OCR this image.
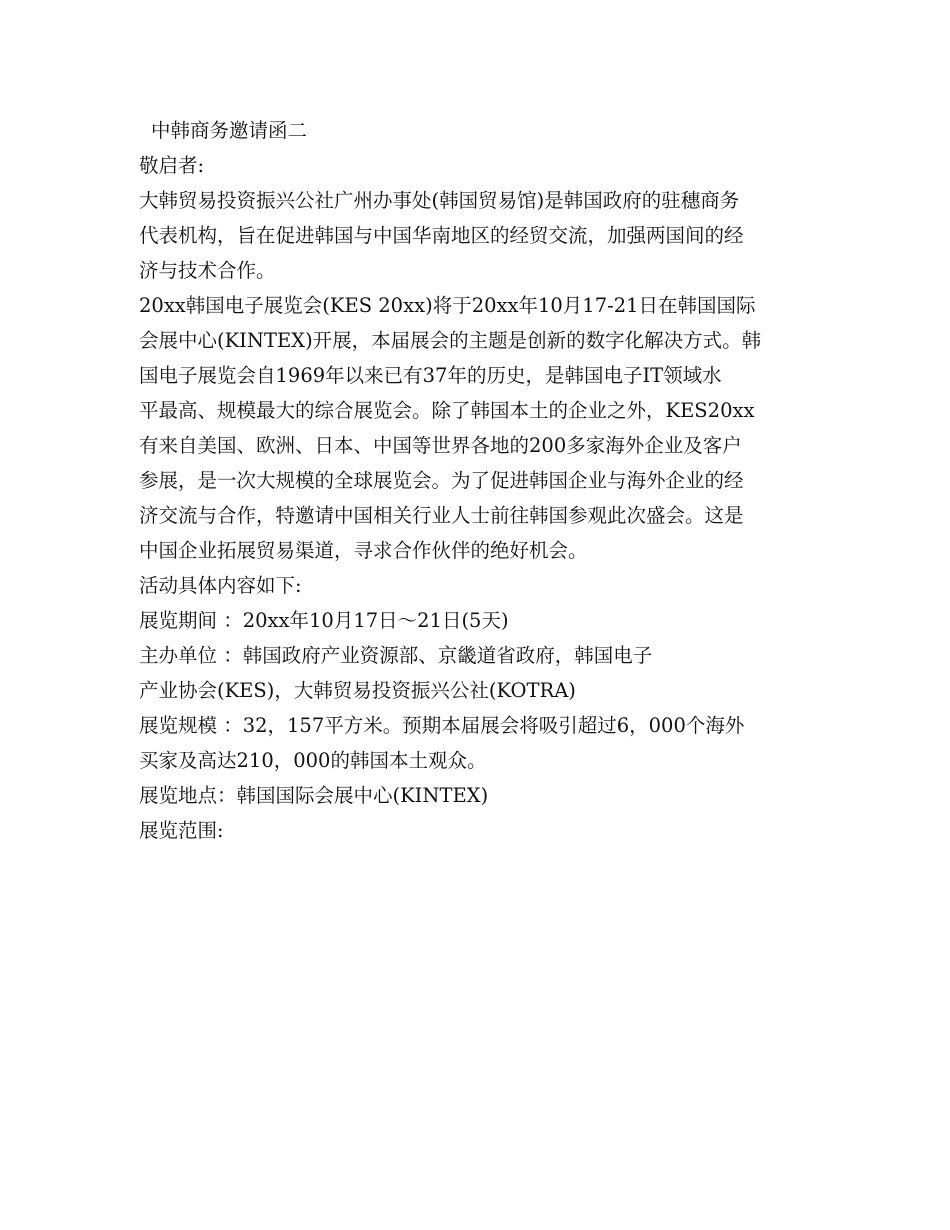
中韩商务邀请函二
敬启者:
大韩贸易投资振兴公社广州办事处(韩国贸易馆)是韩国政府的驻穗商务
代表机构，旨在促进韩国与中国华南地区的经贸交流，加强两国间的经
济与技术合作。
20xx韩国电子展览会(KES 20xx)将于20xx年10月17-21日在韩国国际
会展中心(KINTEX)开展，本届展会的主题是创新的数字化解决方式。韩
国电子展览会自1969年以来已有37年的历史，是韩国电子IT领域水
平最高、规模最大的综合展览会。除了韩国本土的企业之外，KES20xx
有来自美国、欧洲、日本、中国等世界各地的200多家海外企业及客户
参展，是一次大规模的全球展览会。为了促进韩国企业与海外企业的经
济交流与合作，特邀请中国相关行业人士前往韩国参观此次盛会。这是
中国企业拓展贸易渠道，寻求合作伙伴的绝好机会。
活动具体内容如下:
展览期间 ：20xx年10月17日～21日(5天)
主办单位 ：韩国政府产业资源部、京畿道省政府，韩国电子
产业协会(KES)，大韩贸易投资振兴公社(KOTRA)
展览规模 ：32，157平方米。预期本届展会将吸引超过6，000个海外
买家及高达210，000的韩国本土观众。
展览地点：韩国国际会展中心(KINTEX)
展览范围:
